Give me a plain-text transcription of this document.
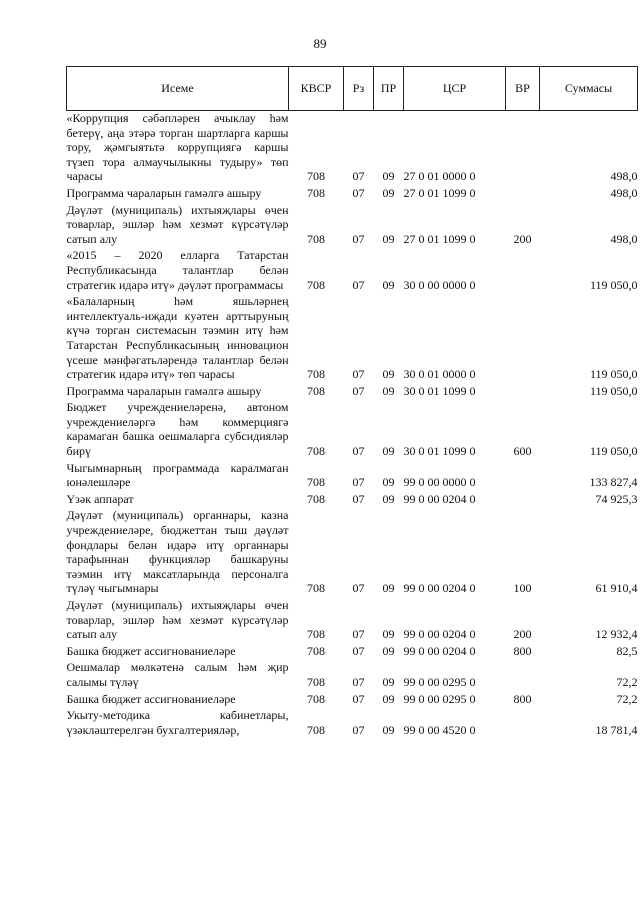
89
Исеме	КВСР	Рз	ПР	ЦСР	ВР	Суммасы
«Коррупция сәбәпләрен ачыклау һәм бетерү, аңа этәрә торган шартларга каршы тору, җәмгыятьтә коррупциягә каршы түзеп тора алмаучылыкны тудыру» төп чарасы	708	07	09	27 0 01 0000 0		498,0
Программа чараларын гамәлгә ашыру	708	07	09	27 0 01 1099 0		498,0
Дәүләт (муниципаль) ихтыяҗлары өчен товарлар, эшләр һәм хезмәт күрсәтүләр сатып алу	708	07	09	27 0 01 1099 0	200	498,0
«2015 – 2020 елларга Татарстан Республикасында талантлар белән стратегик идарә итү» дәүләт программасы	708	07	09	30 0 00 0000 0		119 050,0
«Балаларның һәм яшьләрнең интеллектуаль-иҗади куәтен арттыруның күчә торган системасын тәэмин итү һәм Татарстан Республикасының инновацион үсеше мәнфәгатьләрендә талантлар белән стратегик идарә итү» төп чарасы	708	07	09	30 0 01 0000 0		119 050,0
Программа чараларын гамәлгә ашыру	708	07	09	30 0 01 1099 0		119 050,0
Бюджет учреждениеләренә, автоном учреждениеләргә һәм коммерциягә карамаган башка оешмаларга субсидияләр бирү	708	07	09	30 0 01 1099 0	600	119 050,0
Чыгымнарның программада каралмаган юнәлешләре	708	07	09	99 0 00 0000 0		133 827,4
Үзәк аппарат	708	07	09	99 0 00 0204 0		74 925,3
Дәүләт (муниципаль) органнары, казна учреждениеләре, бюджеттан тыш дәүләт фондлары белән идарә итү органнары тарафыннан функцияләр башкаруны тәэмин итү максатларында персоналга түләү чыгымнары	708	07	09	99 0 00 0204 0	100	61 910,4
Дәүләт (муниципаль) ихтыяҗлары өчен товарлар, эшләр һәм хезмәт күрсәтүләр сатып алу	708	07	09	99 0 00 0204 0	200	12 932,4
Башка бюджет ассигнованиеләре	708	07	09	99 0 00 0204 0	800	82,5
Оешмалар мөлкәтенә салым һәм җир салымы түләү	708	07	09	99 0 00 0295 0		72,2
Башка бюджет ассигнованиеләре	708	07	09	99 0 00 0295 0	800	72,2
Укыту-методика кабинетлары, үзәкләштерелгән бухгалтерияләр,	708	07	09	99 0 00 4520 0		18 781,4
